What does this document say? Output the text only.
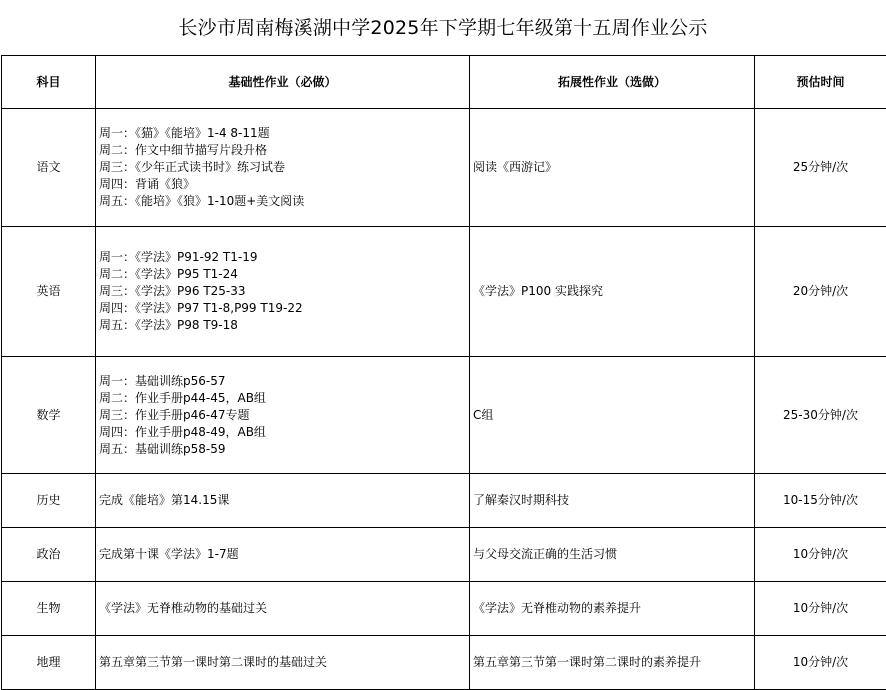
长沙市周南梅溪湖中学2025年下学期七年级第十五周作业公示
科目	基础性作业（必做）	拓展性作业（选做）	预估时间
语文	周一：《猫》《能培》1-4 8-11题
周二：作文中细节描写片段升格
周三：《少年正式读书时》练习试卷
周四：背诵《狼》
周五：《能培》《狼》1-10题+美文阅读	阅读《西游记》	25分钟/次
英语	周一：《学法》P91-92 T1-19
周二：《学法》P95 T1-24
周三：《学法》P96 T25-33
周四：《学法》P97 T1-8,P99 T19-22
周五：《学法》P98 T9-18	《学法》P100 实践探究	20分钟/次
数学	周一：基础训练p56-57
周二：作业手册p44-45，AB组
周三：作业手册p46-47专题
周四：作业手册p48-49，AB组
周五：基础训练p58-59	C组	25-30分钟/次
历史	完成《能培》第14.15课	了解秦汉时期科技	10-15分钟/次
政治	完成第十课《学法》1-7题	与父母交流正确的生活习惯	10分钟/次
生物	《学法》无脊椎动物的基础过关	《学法》无脊椎动物的素养提升	10分钟/次
地理	第五章第三节第一课时第二课时的基础过关	第五章第三节第一课时第二课时的素养提升	10分钟/次
